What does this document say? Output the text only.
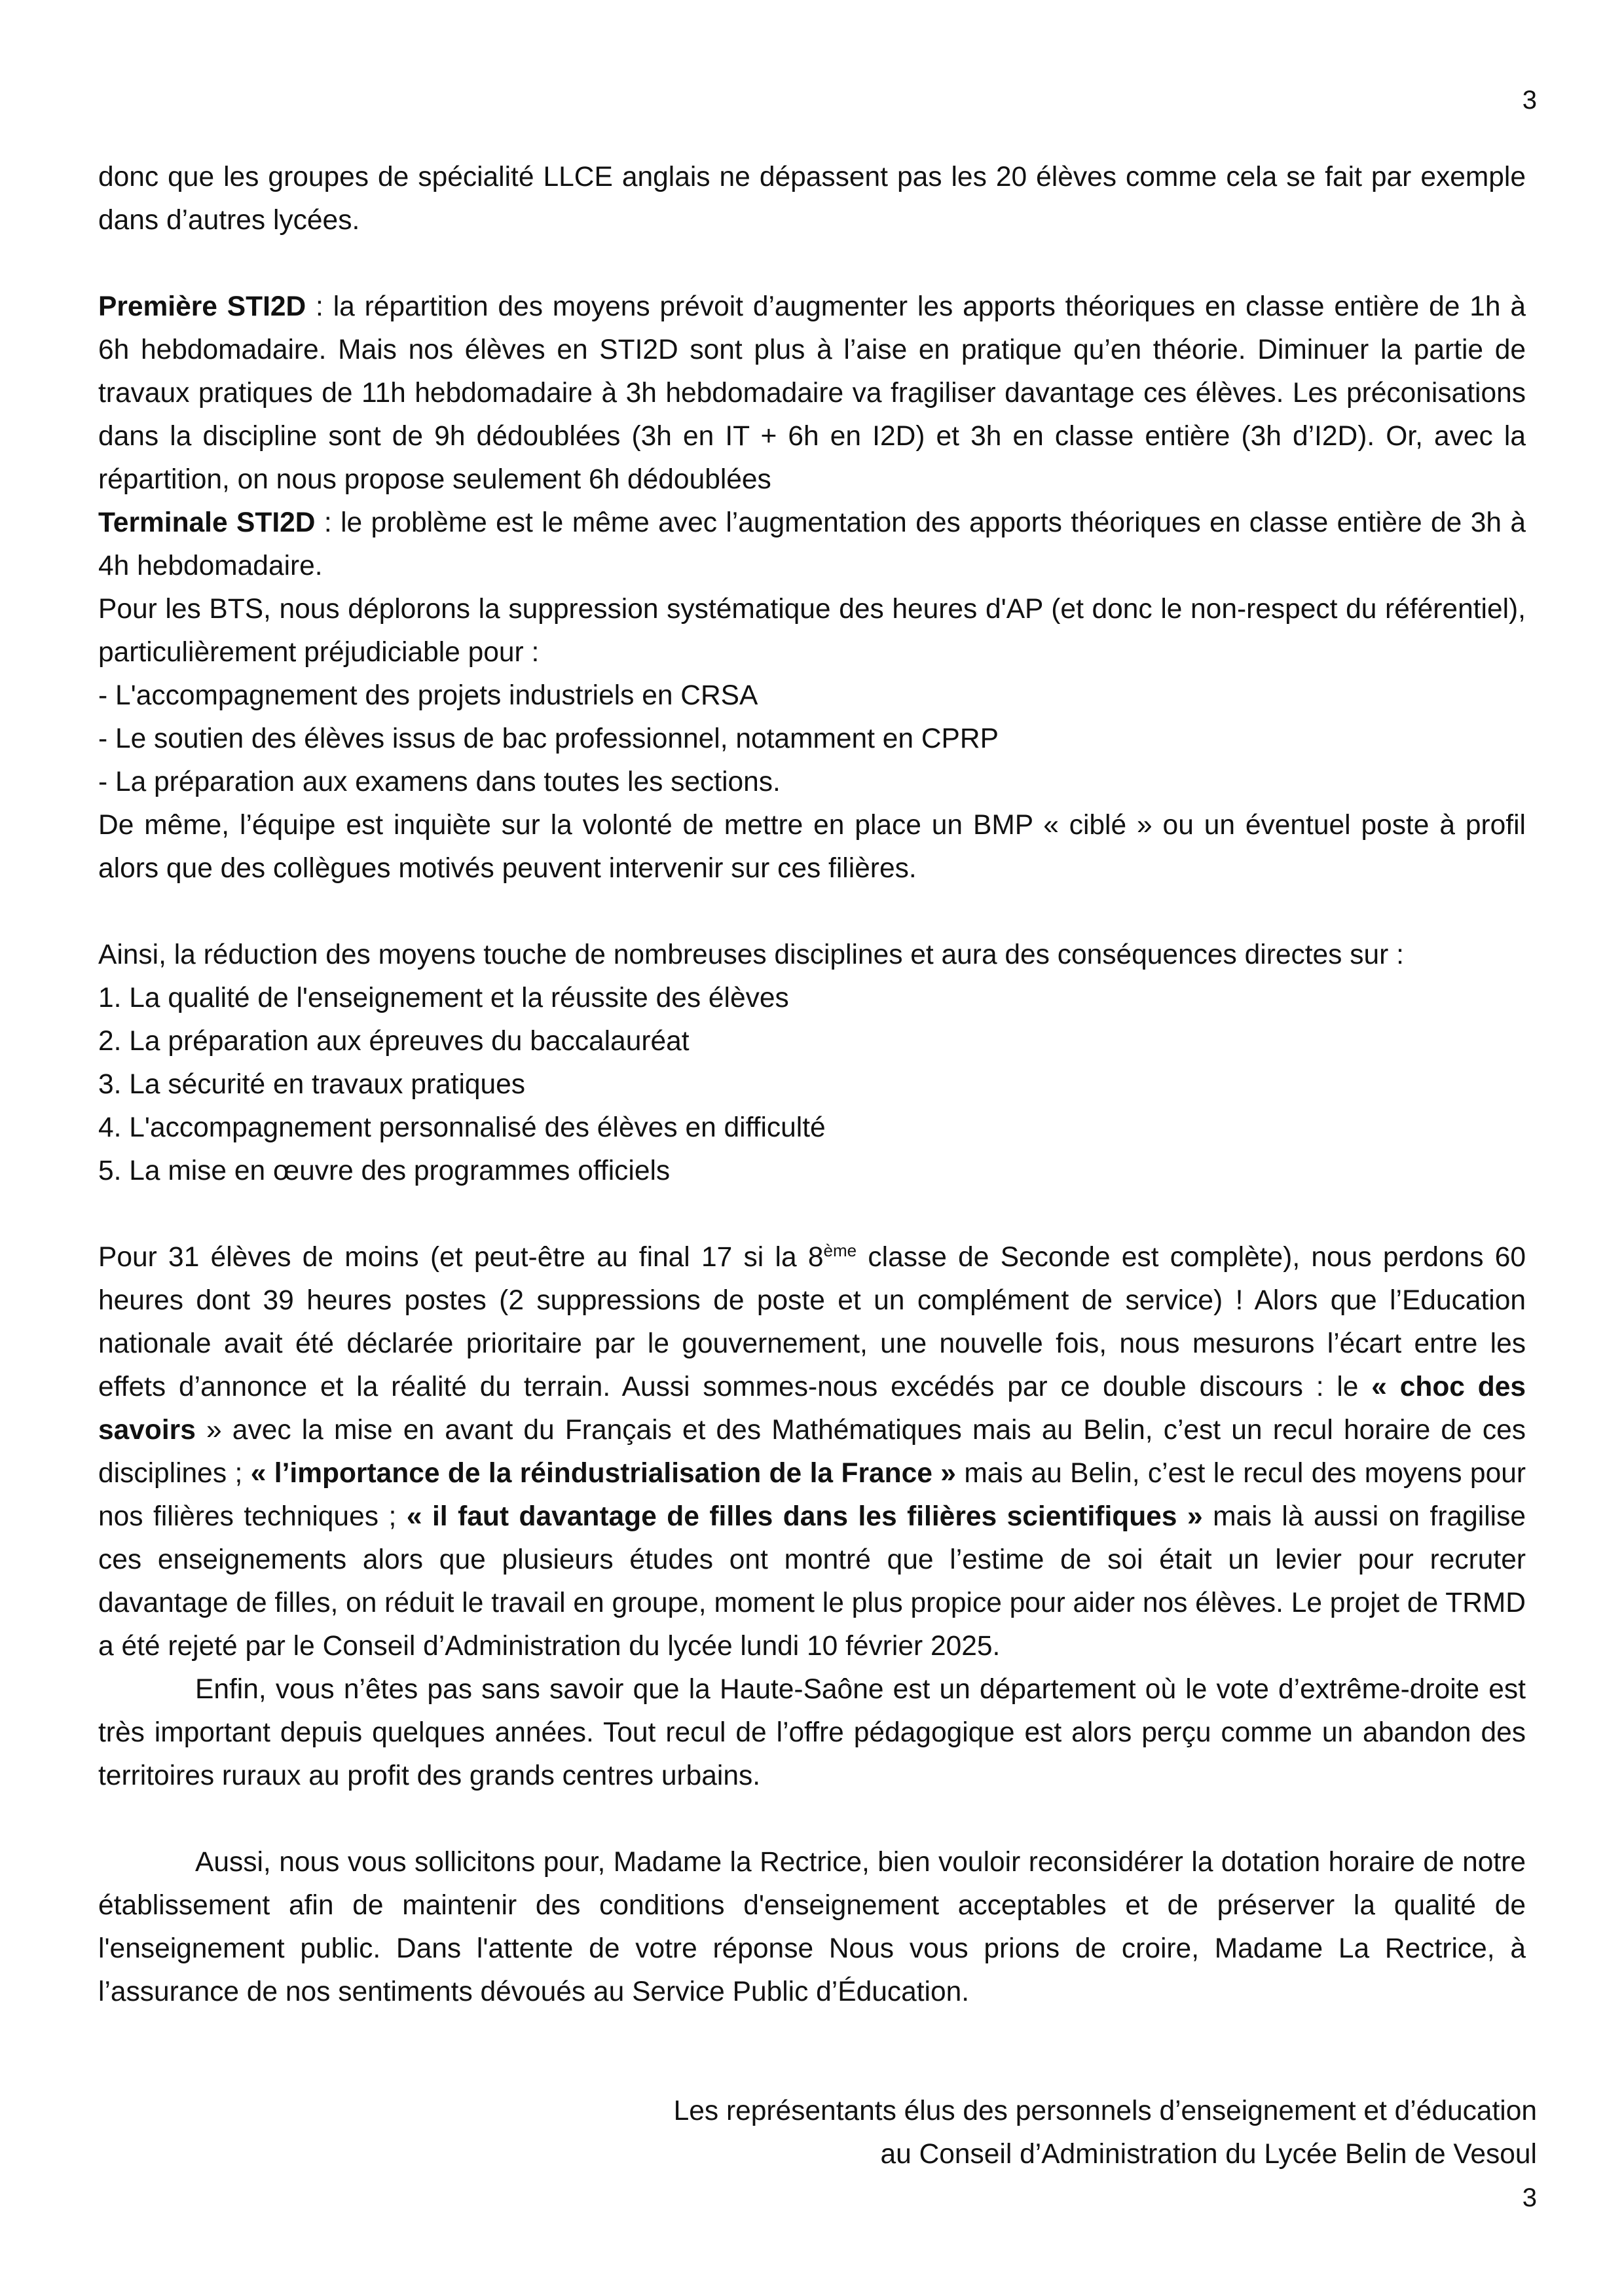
3

donc que les groupes de spécialité LLCE anglais ne dépassent pas les 20 élèves comme cela se fait par exemple dans d’autres lycées.

Première STI2D : la répartition des moyens prévoit d’augmenter les apports théoriques en classe entière de 1h à 6h hebdomadaire. Mais nos élèves en STI2D sont plus à l’aise en pratique qu’en théorie. Diminuer la partie de travaux pratiques de 11h hebdomadaire à 3h hebdomadaire va fragiliser davantage ces élèves. Les préconisations dans la discipline sont de 9h dédoublées (3h en IT + 6h en I2D) et 3h en classe entière (3h d’I2D). Or, avec la répartition, on nous propose seulement 6h dédoublées

Terminale STI2D : le problème est le même avec l’augmentation des apports théoriques en classe entière de 3h à 4h hebdomadaire.

Pour les BTS, nous déplorons la suppression systématique des heures d'AP (et donc le non-respect du référentiel), particulièrement préjudiciable pour :

- L'accompagnement des projets industriels en CRSA

- Le soutien des élèves issus de bac professionnel, notamment en CPRP

- La préparation aux examens dans toutes les sections.

De même, l’équipe est inquiète sur la volonté de mettre en place un BMP « ciblé » ou un éventuel poste à profil alors que des collègues motivés peuvent intervenir sur ces filières.

Ainsi, la réduction des moyens touche de nombreuses disciplines et aura des conséquences directes sur :

1. La qualité de l'enseignement et la réussite des élèves

2. La préparation aux épreuves du baccalauréat

3. La sécurité en travaux pratiques

4. L'accompagnement personnalisé des élèves en difficulté

5. La mise en œuvre des programmes officiels

Pour 31 élèves de moins (et peut-être au final 17 si la 8ème classe de Seconde est complète), nous perdons 60 heures dont 39 heures postes (2 suppressions de poste et un complément de service) ! Alors que l’Education nationale avait été déclarée prioritaire par le gouvernement, une nouvelle fois, nous mesurons l’écart entre les effets d’annonce et la réalité du terrain. Aussi sommes-nous excédés par ce double discours : le « choc des savoirs » avec la mise en avant du Français et des Mathématiques mais au Belin, c’est un recul horaire de ces disciplines ; « l’importance de la réindustrialisation de la France » mais au Belin, c’est le recul des moyens pour nos filières techniques ; « il faut davantage de filles dans les filières scientifiques » mais là aussi on fragilise ces enseignements alors que plusieurs études ont montré que l’estime de soi était un levier pour recruter davantage de filles, on réduit le travail en groupe, moment le plus propice pour aider nos élèves. Le projet de TRMD a été rejeté par le Conseil d’Administration du lycée lundi 10 février 2025.

Enfin, vous n’êtes pas sans savoir que la Haute-Saône est un département où le vote d’extrême-droite est très important depuis quelques années. Tout recul de l’offre pédagogique est alors perçu comme un abandon des territoires ruraux au profit des grands centres urbains.

Aussi, nous vous sollicitons pour, Madame la Rectrice, bien vouloir reconsidérer la dotation horaire de notre établissement afin de maintenir des conditions d'enseignement acceptables et de préserver la qualité de l'enseignement public. Dans l'attente de votre réponse Nous vous prions de croire, Madame La Rectrice, à l’assurance de nos sentiments dévoués au Service Public d’Éducation.

Les représentants élus des personnels d’enseignement et d’éducation
au Conseil d’Administration du Lycée Belin de Vesoul
3
